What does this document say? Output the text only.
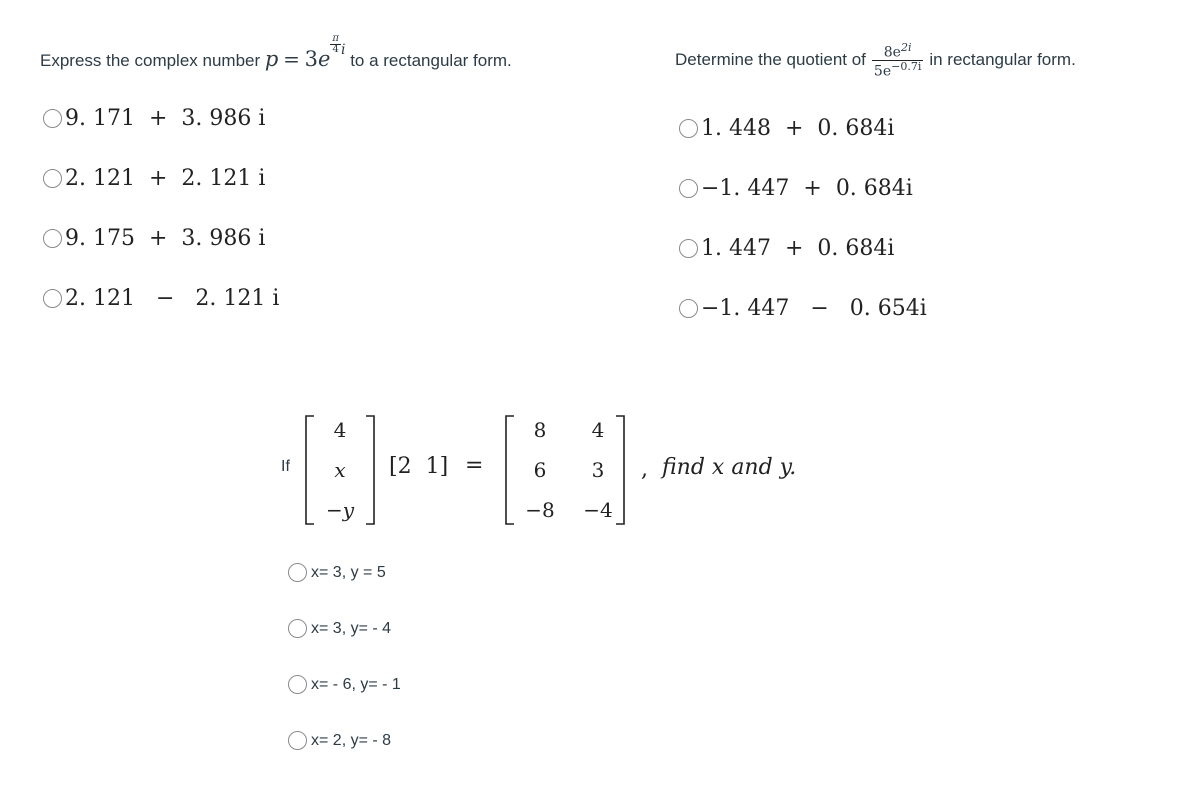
Express the complex number p = 3e
$\frac{\pi}{4}$ i to a rectangular form.
9. 171  +  3. 986 i
2. 121  +  2. 121 i
9. 175  +  3. 986 i
2. 121   −   2. 121 i
Determine the quotient of $\frac{8e^{2i}}{5e^{-0.7i}}$ in rectangular form.
1. 448  +  0. 684i
−1. 447  +  0. 684i
1. 447  +  0. 684i
−1. 447   −   0. 654i
If
4
x
−y
[2 1] =
8	4
6	3
−8 −4
, find x and y.
x= 3, y = 5
x= 3, y= - 4
x= - 6, y= - 1
x= 2, y= - 8
